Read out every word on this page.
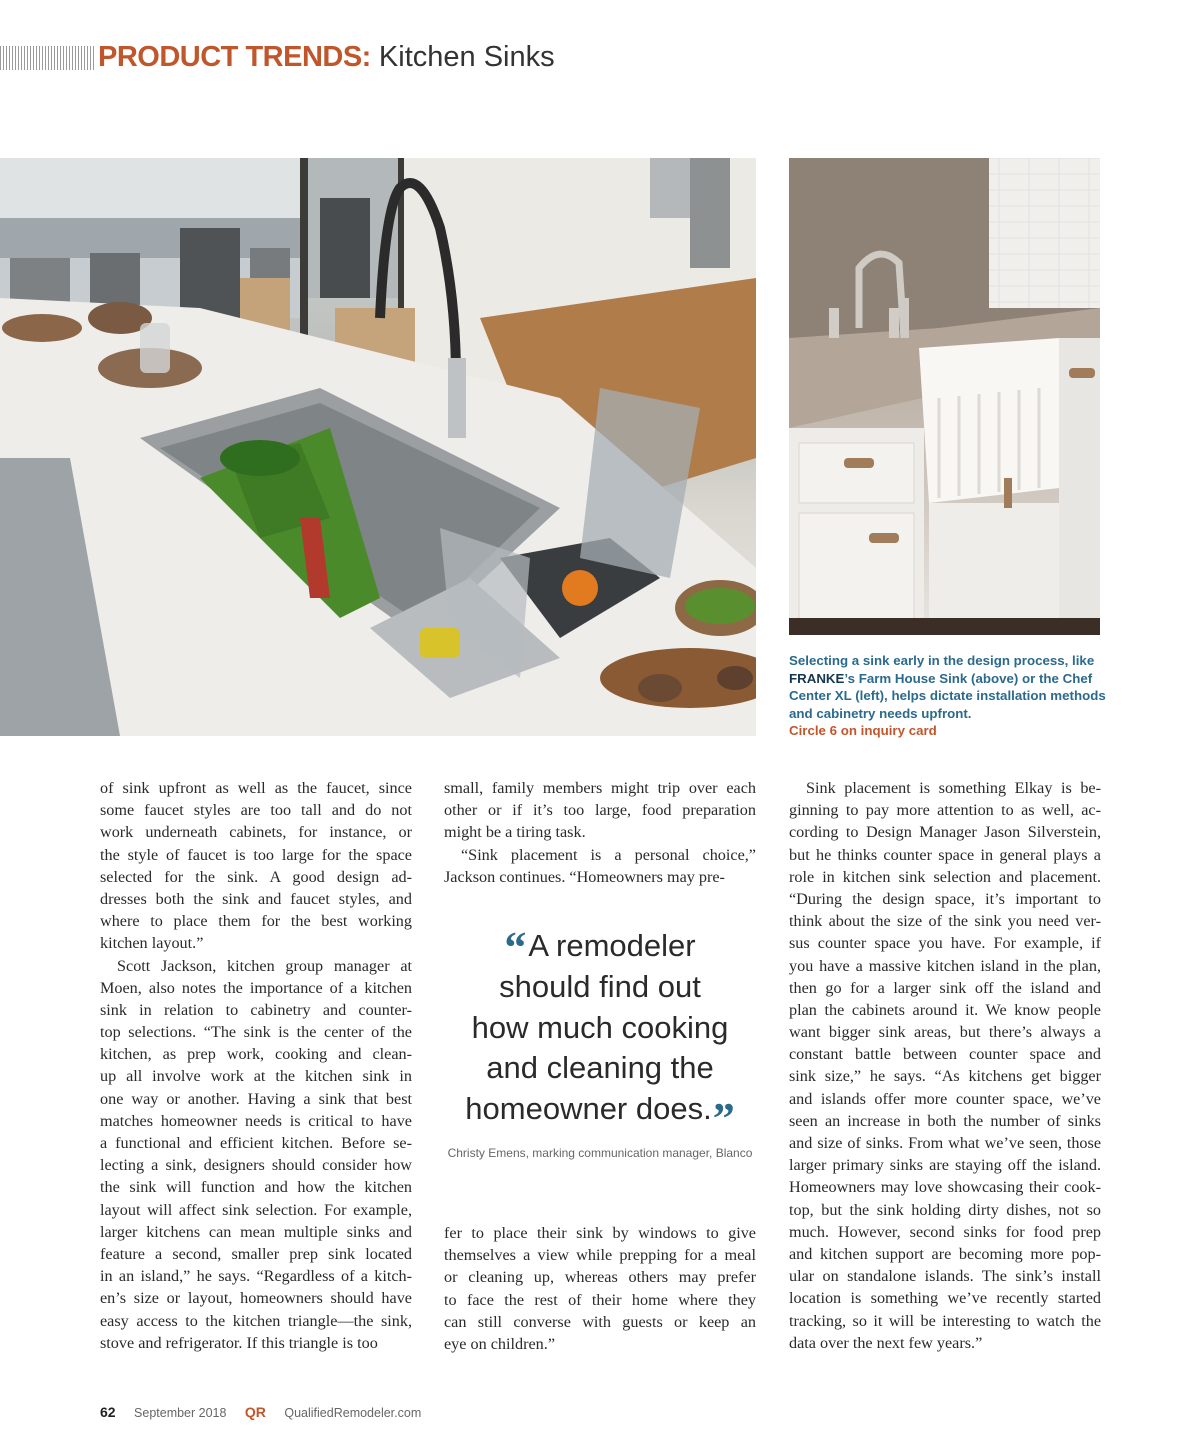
PRODUCT TRENDS: Kitchen Sinks
Selecting a sink early in the design process, like FRANKE’s Farm House Sink (above) or the Chef Center XL (left), helps dictate installation methods and cabinetry needs upfront.
Circle 6 on inquiry card
of sink upfront as well as the faucet, since
some faucet styles are too tall and do not
work underneath cabinets, for instance, or
the style of faucet is too large for the space
selected for the sink. A good design ad-
dresses both the sink and faucet styles, and
where to place them for the best working
kitchen layout.”
Scott Jackson, kitchen group manager at
Moen, also notes the importance of a kitchen
sink in relation to cabinetry and counter-
top selections. “The sink is the center of the
kitchen, as prep work, cooking and clean-
up all involve work at the kitchen sink in
one way or another. Having a sink that best
matches homeowner needs is critical to have
a functional and efficient kitchen. Before se-
lecting a sink, designers should consider how
the sink will function and how the kitchen
layout will affect sink selection. For example,
larger kitchens can mean multiple sinks and
feature a second, smaller prep sink located
in an island,” he says. “Regardless of a kitch-
en’s size or layout, homeowners should have
easy access to the kitchen triangle—the sink,
stove and refrigerator. If this triangle is too
small, family members might trip over each
other or if it’s too large, food preparation
might be a tiring task.
“Sink placement is a personal choice,”
Jackson continues. “Homeowners may pre-
“A remodeler
should find out
how much cooking
and cleaning the
homeowner does.”
Christy Emens, marking communication manager, Blanco
fer to place their sink by windows to give
themselves a view while prepping for a meal
or cleaning up, whereas others may prefer
to face the rest of their home where they
can still converse with guests or keep an
eye on children.”
Sink placement is something Elkay is be-
ginning to pay more attention to as well, ac-
cording to Design Manager Jason Silverstein,
but he thinks counter space in general plays a
role in kitchen sink selection and placement.
“During the design space, it’s important to
think about the size of the sink you need ver-
sus counter space you have. For example, if
you have a massive kitchen island in the plan,
then go for a larger sink off the island and
plan the cabinets around it. We know people
want bigger sink areas, but there’s always a
constant battle between counter space and
sink size,” he says. “As kitchens get bigger
and islands offer more counter space, we’ve
seen an increase in both the number of sinks
and size of sinks. From what we’ve seen, those
larger primary sinks are staying off the island.
Homeowners may love showcasing their cook-
top, but the sink holding dirty dishes, not so
much. However, second sinks for food prep
and kitchen support are becoming more pop-
ular on standalone islands. The sink’s install
location is something we’ve recently started
tracking, so it will be interesting to watch the
data over the next few years.”
62 September 2018 QR QualifiedRemodeler.com
